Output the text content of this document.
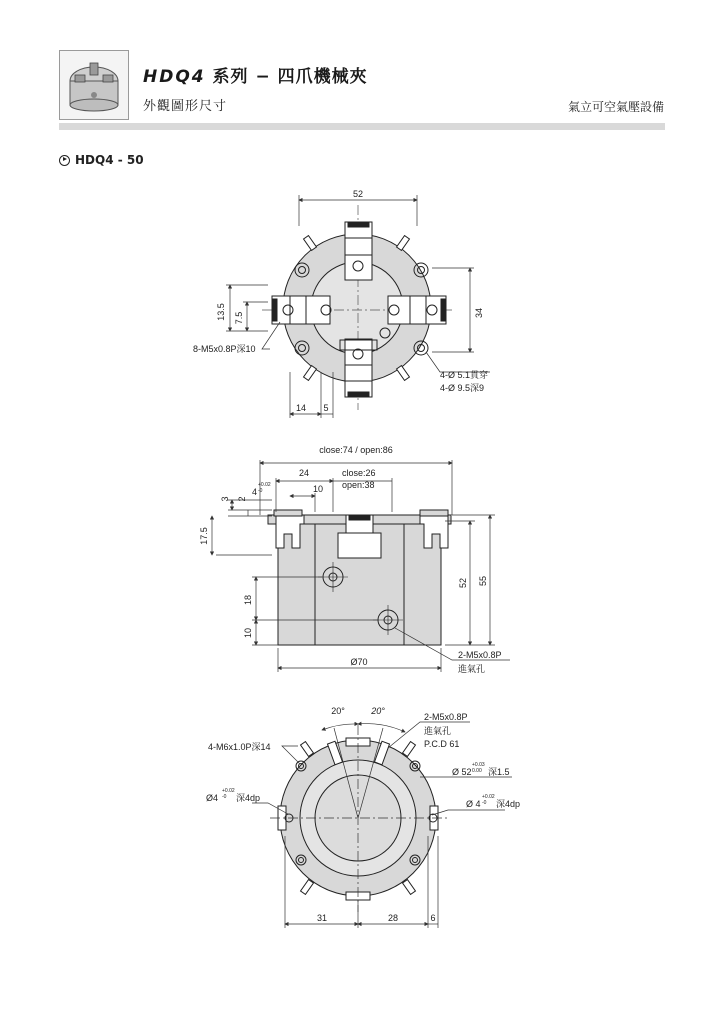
HDQ4 系列 − 四爪機械夾
外觀圖形尺寸	氣立可空氣壓設備
HDQ4 - 50
52
34
13.5 7.5
14 5
8-M5x0.8P深10
4-Ø 5.1貫穿
4-Ø 9.5深9
close:74 / open:86
24	close:26
open:38
10
4
+0.02
-0
3 2
17.5
18
10
52 55
Ø70
2-M5x0.8P
進氣孔
20°	20°
2-M5x0.8P
進氣孔
P.C.D 61
4-M6x1.0P深14
Ø 52
+0.03
0.00 深1.5
Ø4
+0.02
-0 深4dp
Ø 4
+0.02
-0 深4dp
31	28	6
